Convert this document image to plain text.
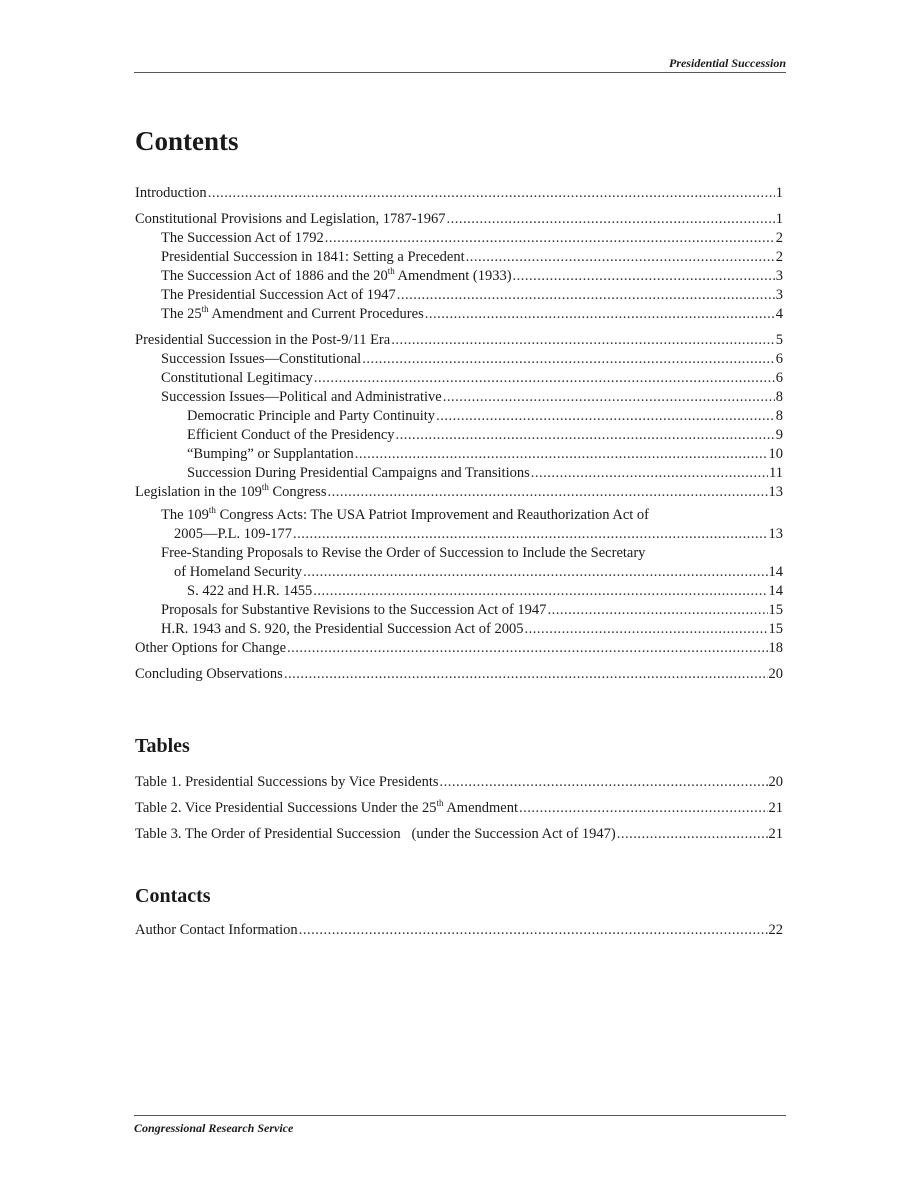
Presidential Succession
Contents
Introduction .....	1
Constitutional Provisions and Legislation, 1787-1967 .....	1
The Succession Act of 1792 .....	2
Presidential Succession in 1841: Setting a Precedent .....	2
The Succession Act of 1886 and the 20th Amendment (1933) .....	3
The Presidential Succession Act of 1947 .....	3
The 25th Amendment and Current Procedures .....	4
Presidential Succession in the Post-9/11 Era .....	5
Succession Issues—Constitutional .....	6
Constitutional Legitimacy .....	6
Succession Issues—Political and Administrative .....	8
Democratic Principle and Party Continuity .....	8
Efficient Conduct of the Presidency .....	9
“Bumping” or Supplantation .....	10
Succession During Presidential Campaigns and Transitions .....	11
Legislation in the 109th Congress .....	13
The 109th Congress Acts: The USA Patriot Improvement and Reauthorization Act of
2005—P.L. 109-177 .....	13
Free-Standing Proposals to Revise the Order of Succession to Include the Secretary
of Homeland Security .....	14
S. 422 and H.R. 1455 .....	14
Proposals for Substantive Revisions to the Succession Act of 1947 .....	15
H.R. 1943 and S. 920, the Presidential Succession Act of 2005 .....	15
Other Options for Change .....	18
Concluding Observations .....	20
Tables
Table 1. Presidential Successions by Vice Presidents .....	20
Table 2. Vice Presidential Successions Under the 25th Amendment .....	21
Table 3. The Order of Presidential Succession   (under the Succession Act of 1947) .....	21
Contacts
Author Contact Information .....	22
Congressional Research Service
